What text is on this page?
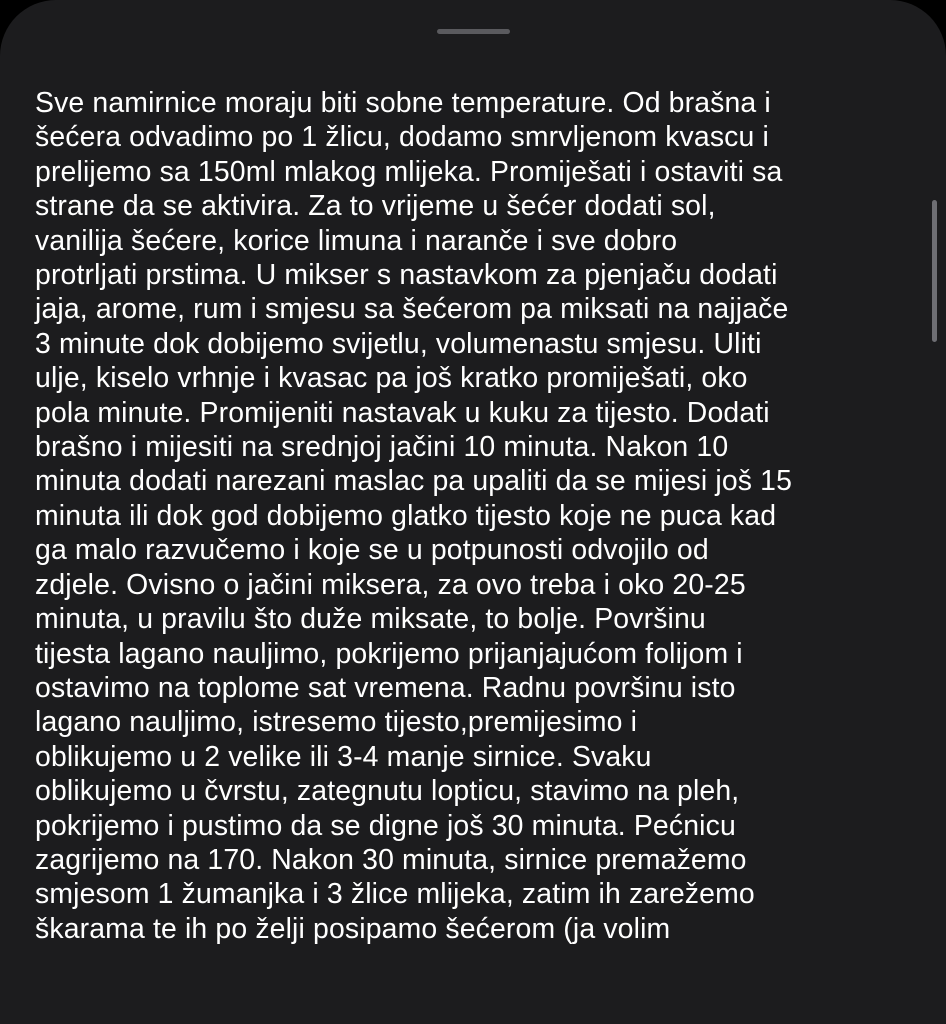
Sve namirnice moraju biti sobne temperature. Od brašna i
šećera odvadimo po 1 žlicu, dodamo smrvljenom kvascu i
prelijemo sa 150ml mlakog mlijeka. Promiješati i ostaviti sa
strane da se aktivira. Za to vrijeme u šećer dodati sol,
vanilija šećere, korice limuna i naranče i sve dobro
protrljati prstima. U mikser s nastavkom za pjenjaču dodati
jaja, arome, rum i smjesu sa šećerom pa miksati na najjače
3 minute dok dobijemo svijetlu, volumenastu smjesu. Uliti
ulje, kiselo vrhnje i kvasac pa još kratko promiješati, oko
pola minute. Promijeniti nastavak u kuku za tijesto. Dodati
brašno i mijesiti na srednjoj jačini 10 minuta. Nakon 10
minuta dodati narezani maslac pa upaliti da se mijesi još 15
minuta ili dok god dobijemo glatko tijesto koje ne puca kad
ga malo razvučemo i koje se u potpunosti odvojilo od
zdjele. Ovisno o jačini miksera, za ovo treba i oko 20-25
minuta, u pravilu što duže miksate, to bolje. Površinu
tijesta lagano nauljimo, pokrijemo prijanjajućom folijom i
ostavimo na toplome sat vremena. Radnu površinu isto
lagano nauljimo, istresemo tijesto,premijesimo i
oblikujemo u 2 velike ili 3-4 manje sirnice. Svaku
oblikujemo u čvrstu, zategnutu lopticu, stavimo na pleh,
pokrijemo i pustimo da se digne još 30 minuta. Pećnicu
zagrijemo na 170. Nakon 30 minuta, sirnice premažemo
smjesom 1 žumanjka i 3 žlice mlijeka, zatim ih zarežemo
škarama te ih po želji posipamo šećerom (ja volim
